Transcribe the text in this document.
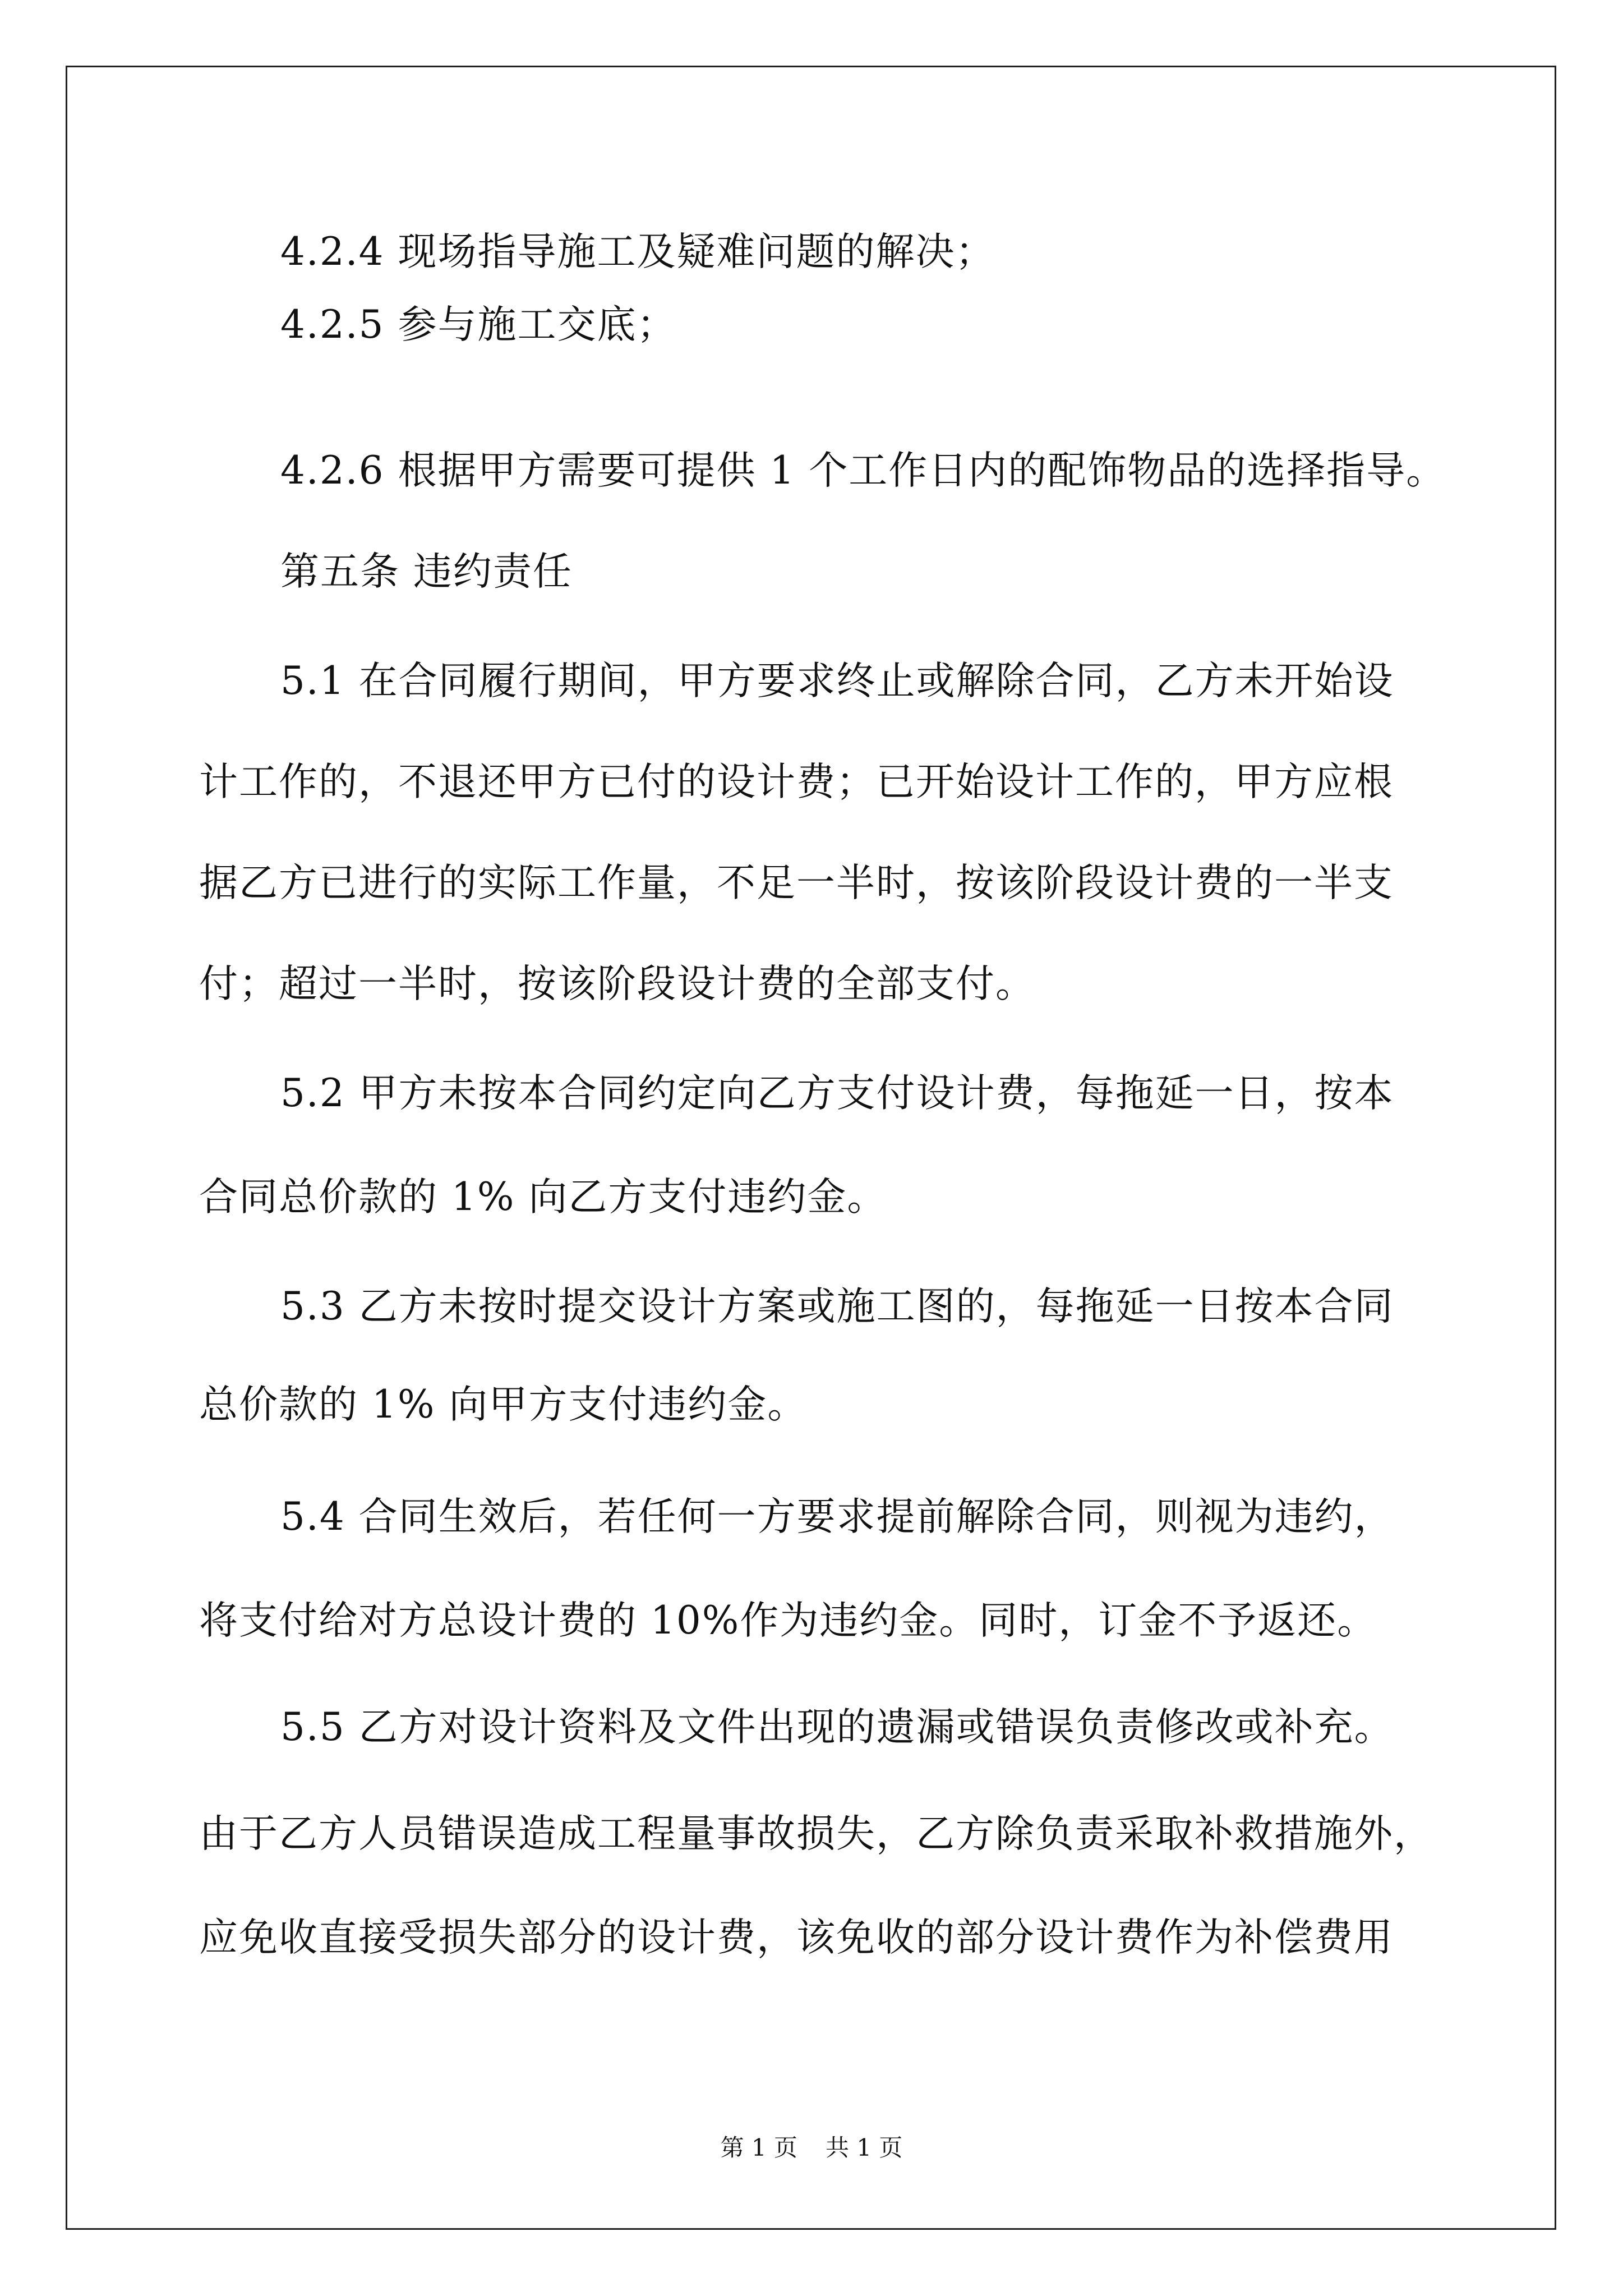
4.2.4 现场指导施工及疑难问题的解决；
4.2.5 参与施工交底；
4.2.6 根据甲方需要可提供 1 个工作日内的配饰物品的选择指导。
第五条 违约责任
5.1 在合同履行期间，甲方要求终止或解除合同，乙方未开始设
计工作的，不退还甲方已付的设计费；已开始设计工作的，甲方应根
据乙方已进行的实际工作量，不足一半时，按该阶段设计费的一半支
付；超过一半时，按该阶段设计费的全部支付。
5.2 甲方未按本合同约定向乙方支付设计费，每拖延一日，按本
合同总价款的 1% 向乙方支付违约金。
5.3 乙方未按时提交设计方案或施工图的，每拖延一日按本合同
总价款的 1% 向甲方支付违约金。
5.4 合同生效后，若任何一方要求提前解除合同，则视为违约，
将支付给对方总设计费的 10%作为违约金。同时，订金不予返还。
5.5 乙方对设计资料及文件出现的遗漏或错误负责修改或补充。
由于乙方人员错误造成工程量事故损失，乙方除负责采取补救措施外，
应免收直接受损失部分的设计费，该免收的部分设计费作为补偿费用
第 1 页 共 1 页
